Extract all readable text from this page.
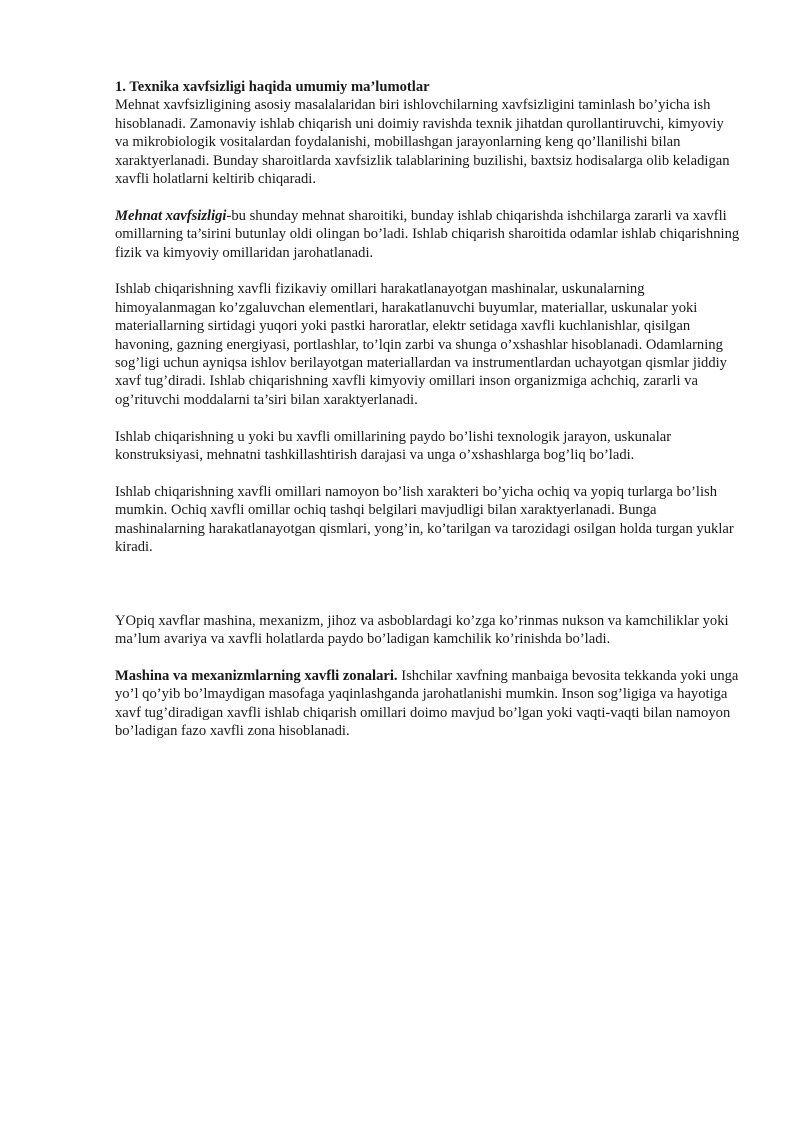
1. Texnika xavfsizligi haqida umumiy ma’lumotlar
Mehnat xavfsizligining asosiy masalalaridan biri ishlovchilarning xavfsizligini taminlash bo’yicha ish hisoblanadi. Zamonaviy ishlab chiqarish uni doimiy ravishda texnik jihatdan qurollantiruvchi, kimyoviy va mikrobiologik vositalardan foydalanishi, mobillashgan jarayonlarning keng qo’llanilishi bilan xaraktyerlanadi. Bunday sharoitlarda xavfsizlik talablarining buzilishi, baxtsiz hodisalarga olib keladigan xavfli holatlarni keltirib chiqaradi.

Mehnat xavfsizligi-bu shunday mehnat sharoitiki, bunday ishlab chiqarishda ishchilarga zararli va xavfli omillarning ta’sirini butunlay oldi olingan bo’ladi. Ishlab chiqarish sharoitida odamlar ishlab chiqarishning fizik va kimyoviy omillaridan jarohatlanadi.

Ishlab chiqarishning xavfli fizikaviy omillari harakatlanayotgan mashinalar, uskunalarning himoyalanmagan ko’zgaluvchan elementlari, harakatlanuvchi buyumlar, materiallar, uskunalar yoki materiallarning sirtidagi yuqori yoki pastki haroratlar, elektr setidaga xavfli kuchlanishlar, qisilgan havoning, gazning energiyasi, portlashlar, to’lqin zarbi va shunga o’xshashlar hisoblanadi. Odamlarning sog’ligi uchun ayniqsa ishlov berilayotgan materiallardan va instrumentlardan uchayotgan qismlar jiddiy xavf tug’diradi. Ishlab chiqarishning xavfli kimyoviy omillari inson organizmiga achchiq, zararli va og’rituvchi moddalarni ta’siri bilan xaraktyerlanadi.

Ishlab chiqarishning u yoki bu xavfli omillarining paydo bo’lishi texnologik jarayon, uskunalar konstruksiyasi, mehnatni tashkillashtirish darajasi va unga o’xshashlarga bog’liq bo’ladi.

Ishlab chiqarishning xavfli omillari namoyon bo’lish xarakteri bo’yicha ochiq va yopiq turlarga bo’lish mumkin. Ochiq xavfli omillar ochiq tashqi belgilari mavjudligi bilan xaraktyerlanadi. Bunga mashinalarning harakatlanayotgan qismlari, yong’in, ko’tarilgan va tarozidagi osilgan holda turgan yuklar kiradi.

YOpiq xavflar mashina, mexanizm, jihoz va asboblardagi ko’zga ko’rinmas nukson va kamchiliklar yoki ma’lum avariya va xavfli holatlarda paydo bo’ladigan kamchilik ko’rinishda bo’ladi.

Mashina va mexanizmlarning xavfli zonalari. Ishchilar xavfning manbaiga bevosita tekkanda yoki unga yo’l qo’yib bo’lmaydigan masofaga yaqinlashganda jarohatlanishi mumkin. Inson sog’ligiga va hayotiga xavf tug’diradigan xavfli ishlab chiqarish omillari doimo mavjud bo’lgan yoki vaqti-vaqti bilan namoyon bo’ladigan fazo xavfli zona hisoblanadi.
